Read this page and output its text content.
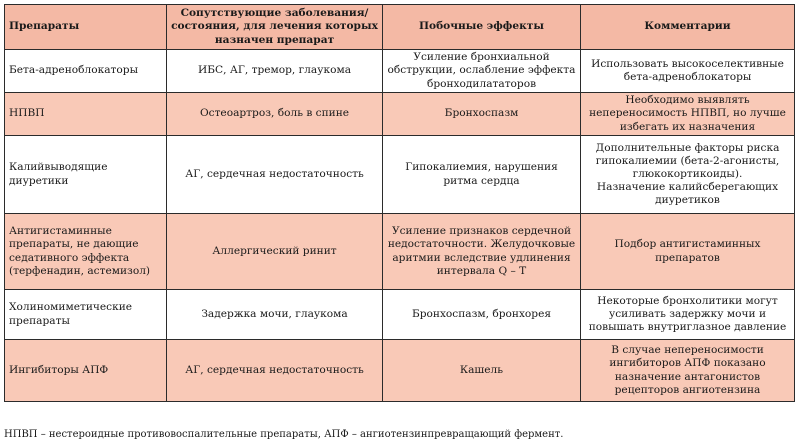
Препараты	Сопутствующие заболевания/состояния, для лечения которых назначен препарат	Побочные эффекты	Комментарии
Бета-адреноблокаторы	ИБС, АГ, тремор, глаукома	Усиление бронхиальной обструкции, ослабление эффекта бронходилататоров	Использовать высокоселективные бета-адреноблокаторы

НПВП	Остеоартроз, боль в спине	Бронхоспазм	Необходимо выявлять непереносимость НПВП, но лучше избегать их назначения

Калийвыводящие диуретики	АГ, сердечная недостаточность	Гипокалиемия, нарушения ритма сердца	Дополнительные факторы риска гипокалиемии (бета-2-агонисты, глюкокортикоиды).
Назначение калийсберегающих диуретиков

Антигистаминные препараты, не дающие седативного эффекта (терфенадин, астемизол)	Аллергический ринит	Усиление признаков сердечной недостаточности. Желудочковые аритмии вследствие удлинения интервала Q – T	Подбор антигистаминных препаратов

Холиномиметические препараты	Задержка мочи, глаукома	Бронхоспазм, бронхорея	Некоторые бронхолитики могут усиливать задержку мочи и повышать внутриглазное давление

Ингибиторы АПФ	АГ, сердечная недостаточность	Кашель	В случае непереносимости ингибиторов АПФ показано назначение антагонистов рецепторов ангиотензина
НПВП – нестероидные противовоспалительные препараты, АПФ – ангиотензинпревращающий фермент.
